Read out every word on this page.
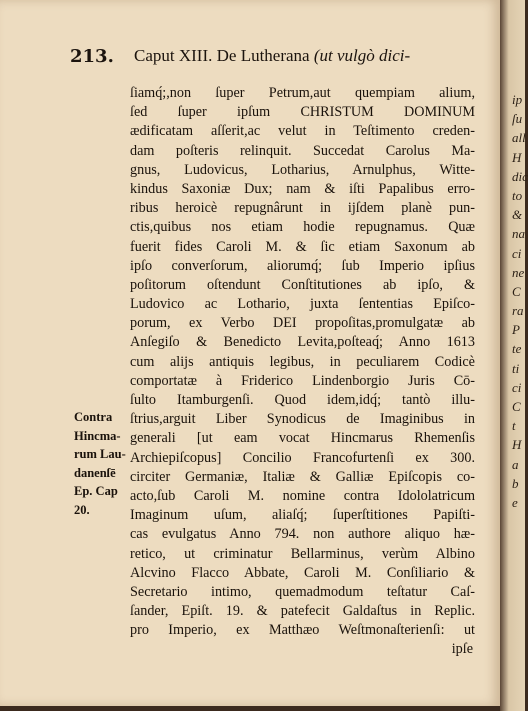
213. Caput XIII. De Lutherana (ut vulgò dici-
Contra
Hincma-
rum Lau-
danenſē
Ep. Cap
20.
ſiamq́;,non ſuper Petrum,aut quempiam alium,
ſed ſuper ipſum CHRISTUM DOMINUM
ædificatam aſſerit,ac velut in Teſtimento creden-
dam poſteris relinquit. Succedat Carolus Ma-
gnus, Ludovicus, Lotharius, Arnulphus, Witte-
kindus Saxoniæ Dux; nam & iſti Papalibus erro-
ribus heroicè repugnârunt in ijſdem planè pun-
ctis,quibus nos etiam hodie repugnamus. Quæ
fuerit fides Caroli M. & ſic etiam Saxonum ab
ipſo converſorum, aliorumq́; ſub Imperio ipſius
poſitorum oſtendunt Conſtitutiones ab ipſo, &
Ludovico ac Lothario, juxta ſententias Epiſco-
porum, ex Verbo DEI propoſitas,promulgatæ ab
Anſegiſo & Benedicto Levita,poſteaq́; Anno 1613
cum alijs antiquis legibus, in peculiarem Codicè
comportatæ à Friderico Lindenborgio Juris Cō-
ſulto Itamburgenſi. Quod idem,idq́; tantò illu-
ſtrius,arguit Liber Synodicus de Imaginibus in
generali [ut eam vocat Hincmarus Rhemenſis
Archiepiſcopus] Concilio Francofurtenſi ex 300.
circiter Germaniæ, Italiæ & Galliæ Epiſcopis co-
acto,ſub Caroli M. nomine contra Idololatricum
Imaginum uſum, aliaſq́; ſuperſtitiones Papiſti-
cas evulgatus Anno 794. non authore aliquo hæ-
retico, ut criminatur Bellarminus, verùm Albino
Alcvino Flacco Abbate, Caroli M. Conſiliario &
Secretario intimo, quemadmodum teſtatur Caſ-
ſander, Epiſt. 19. & patefecit Galdaſtus in Replic.
pro Imperio, ex Matthæo Weſtmonaſterienſi: ut
ipſe
ip
ſu
all
H
dic
to
&
na
ci
ne
C
ra
P
te
ti
ci
C
t
H
a
b
e
